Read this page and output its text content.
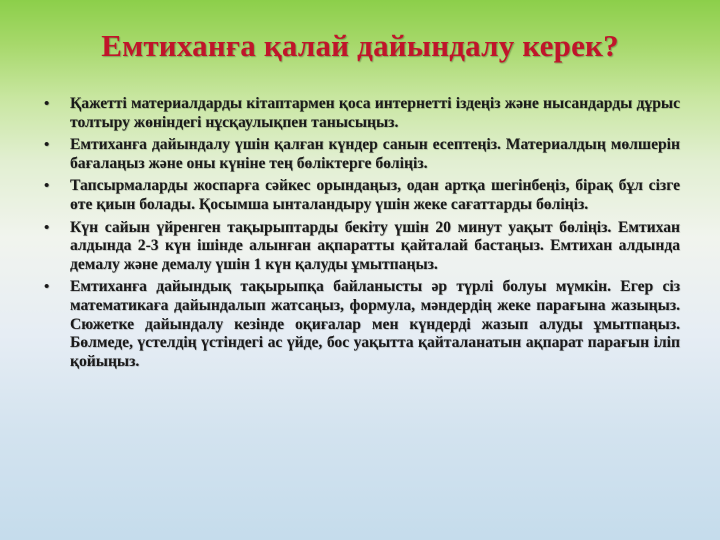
Емтиханға қалай дайындалу керек?
•	Қажетті материалдарды кітаптармен қоса интернетті іздеңіз және нысандарды дұрыс толтыру жөніндегі нұсқаулықпен танысыңыз.
•	Емтиханға дайындалу үшін қалған күндер санын есептеңіз. Материалдың мөлшерін бағалаңыз және оны күніне тең бөліктерге бөліңіз.
•	Тапсырмаларды жоспарға сәйкес орындаңыз, одан артқа шегінбеңіз, бірақ бұл сізге өте қиын болады. Қосымша ынталандыру үшін жеке сағаттарды бөліңіз.
•	Күн сайын үйренген тақырыптарды бекіту үшін 20 минут уақыт бөліңіз. Емтихан алдында 2-3 күн ішінде алынған ақпаратты қайталай бастаңыз. Емтихан алдында демалу және демалу үшін 1 күн қалуды ұмытпаңыз.
•	Емтиханға дайындық тақырыпқа байланысты әр түрлі болуы мүмкін. Егер сіз математикаға дайындалып жатсаңыз, формула, мәндердің жеке парағына жазыңыз. Сюжетке дайындалу кезінде оқиғалар мен күндерді жазып алуды ұмытпаңыз. Бөлмеде, үстелдің үстіндегі ас үйде, бос уақытта қайталанатын ақпарат парағын іліп қойыңыз.
